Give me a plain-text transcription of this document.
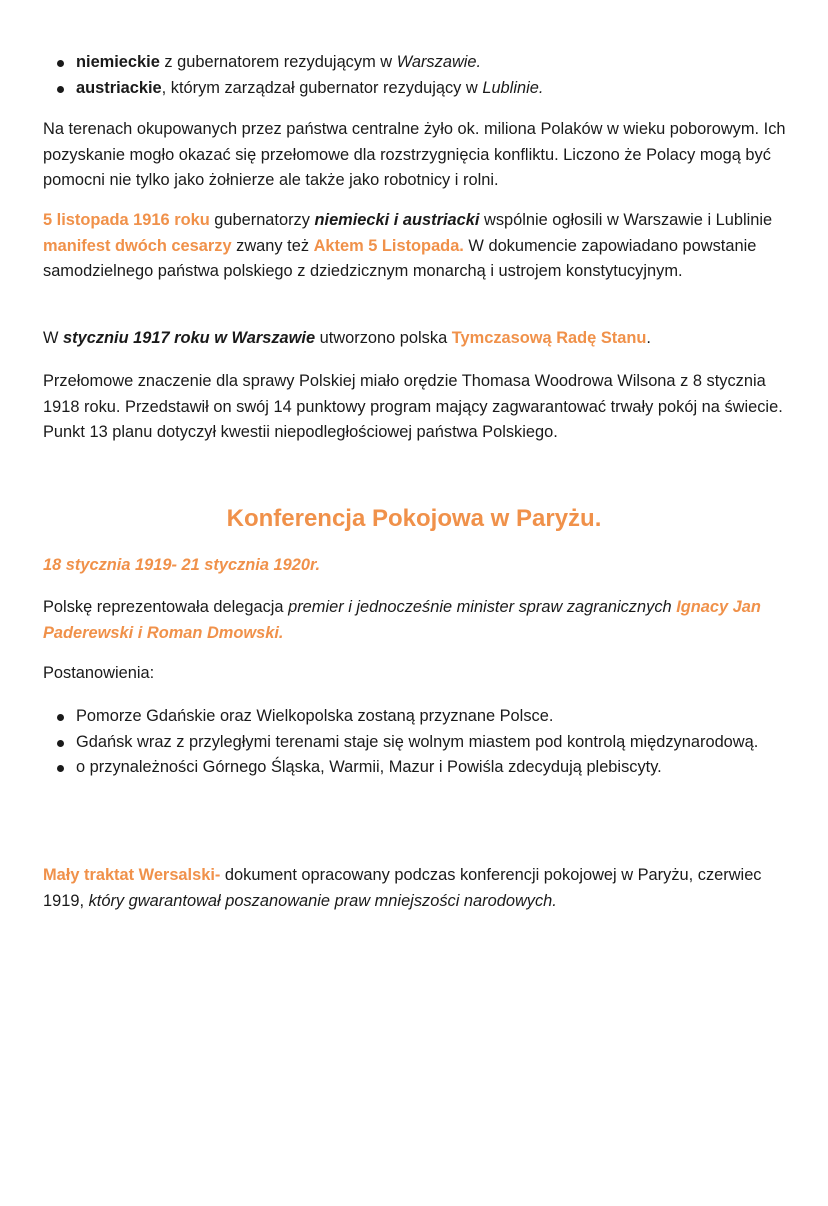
niemieckie z gubernatorem rezydującym w Warszawie.
austriackie, którym zarządzał gubernator rezydujący w Lublinie.

Na terenach okupowanych przez państwa centralne żyło ok. miliona Polaków w wieku poborowym. Ich pozyskanie mogło okazać się przełomowe dla rozstrzygnięcia konfliktu. Liczono że Polacy mogą być pomocni nie tylko jako żołnierze ale także jako robotnicy i rolni.

5 listopada 1916 roku gubernatorzy niemiecki i austriacki wspólnie ogłosili w Warszawie i Lublinie manifest dwóch cesarzy zwany też Aktem 5 Listopada. W dokumencie zapowiadano powstanie samodzielnego państwa polskiego z dziedzicznym monarchą i ustrojem konstytucyjnym.

W styczniu 1917 roku w Warszawie utworzono polska Tymczasową Radę Stanu.

Przełomowe znaczenie dla sprawy Polskiej miało orędzie Thomasa Woodrowa Wilsona z 8 stycznia 1918 roku. Przedstawił on swój 14 punktowy program mający zagwarantować trwały pokój na świecie. Punkt 13 planu dotyczył kwestii niepodległościowej państwa Polskiego.

Konferencja Pokojowa w Paryżu.

18 stycznia 1919- 21 stycznia 1920r.

Polskę reprezentowała delegacja premier i jednocześnie minister spraw zagranicznych Ignacy Jan Paderewski i Roman Dmowski.

Postanowienia:

Pomorze Gdańskie oraz Wielkopolska zostaną przyznane Polsce.
Gdańsk wraz z przyległymi terenami staje się wolnym miastem pod kontrolą międzynarodową.
o przynależności Górnego Śląska, Warmii, Mazur i Powiśla zdecydują plebiscyty.

Mały traktat Wersalski- dokument opracowany podczas konferencji pokojowej w Paryżu, czerwiec 1919, który gwarantował poszanowanie praw mniejszości narodowych.
